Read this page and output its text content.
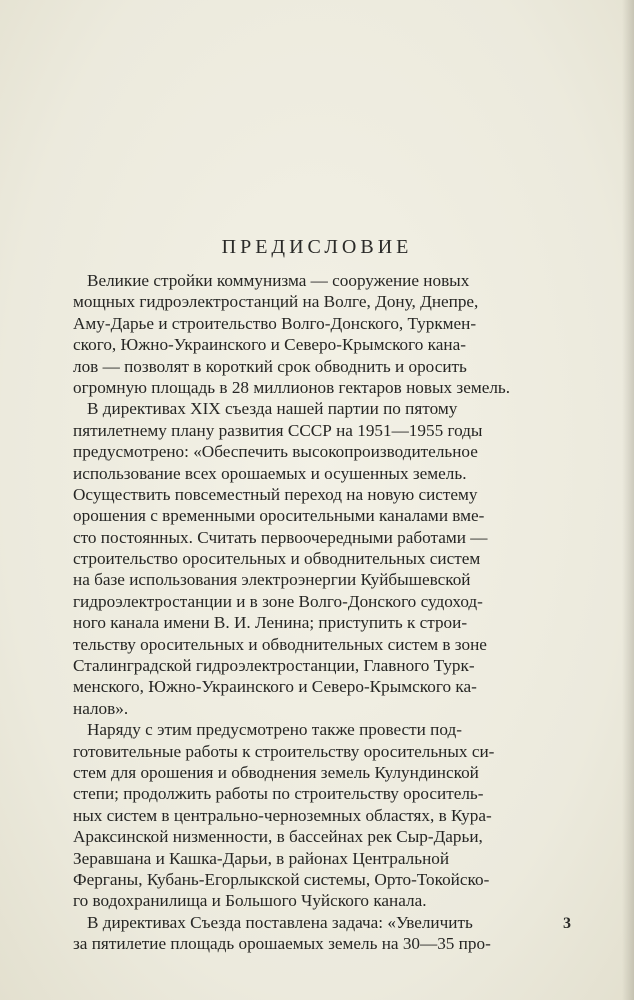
ПРЕДИСЛОВИЕ
Великие стройки коммунизма — сооружение новых
мощных гидроэлектростанций на Волге, Дону, Днепре,
Аму-Дарье и строительство Волго-Донского, Туркмен-
ского, Южно-Украинского и Северо-Крымского кана-
лов — позволят в короткий срок обводнить и оросить
огромную площадь в 28 миллионов гектаров новых земель.
В директивах XIX съезда нашей партии по пятому
пятилетнему плану развития СССР на 1951—1955 годы
предусмотрено: «Обеспечить высокопроизводительное
использование всех орошаемых и осушенных земель.
Осуществить повсеместный переход на новую систему
орошения с временными оросительными каналами вме-
сто постоянных. Считать первоочередными работами —
строительство оросительных и обводнительных систем
на базе использования электроэнергии Куйбышевской
гидроэлектростанции и в зоне Волго-Донского судоход-
ного канала имени В. И. Ленина; приступить к строи-
тельству оросительных и обводнительных систем в зоне
Сталинградской гидроэлектростанции, Главного Турк-
менского, Южно-Украинского и Северо-Крымского ка-
налов».
Наряду с этим предусмотрено также провести под-
готовительные работы к строительству оросительных си-
стем для орошения и обводнения земель Кулундинской
степи; продолжить работы по строительству ороситель-
ных систем в центрально-черноземных областях, в Кура-
Араксинской низменности, в бассейнах рек Сыр-Дарьи,
Зеравшана и Кашка-Дарьи, в районах Центральной
Ферганы, Кубань-Егорлыкской системы, Орто-Токойско-
го водохранилища и Большого Чуйского канала.
В директивах Съезда поставлена задача: «Увеличить
за пятилетие площадь орошаемых земель на 30—35 про-
3
